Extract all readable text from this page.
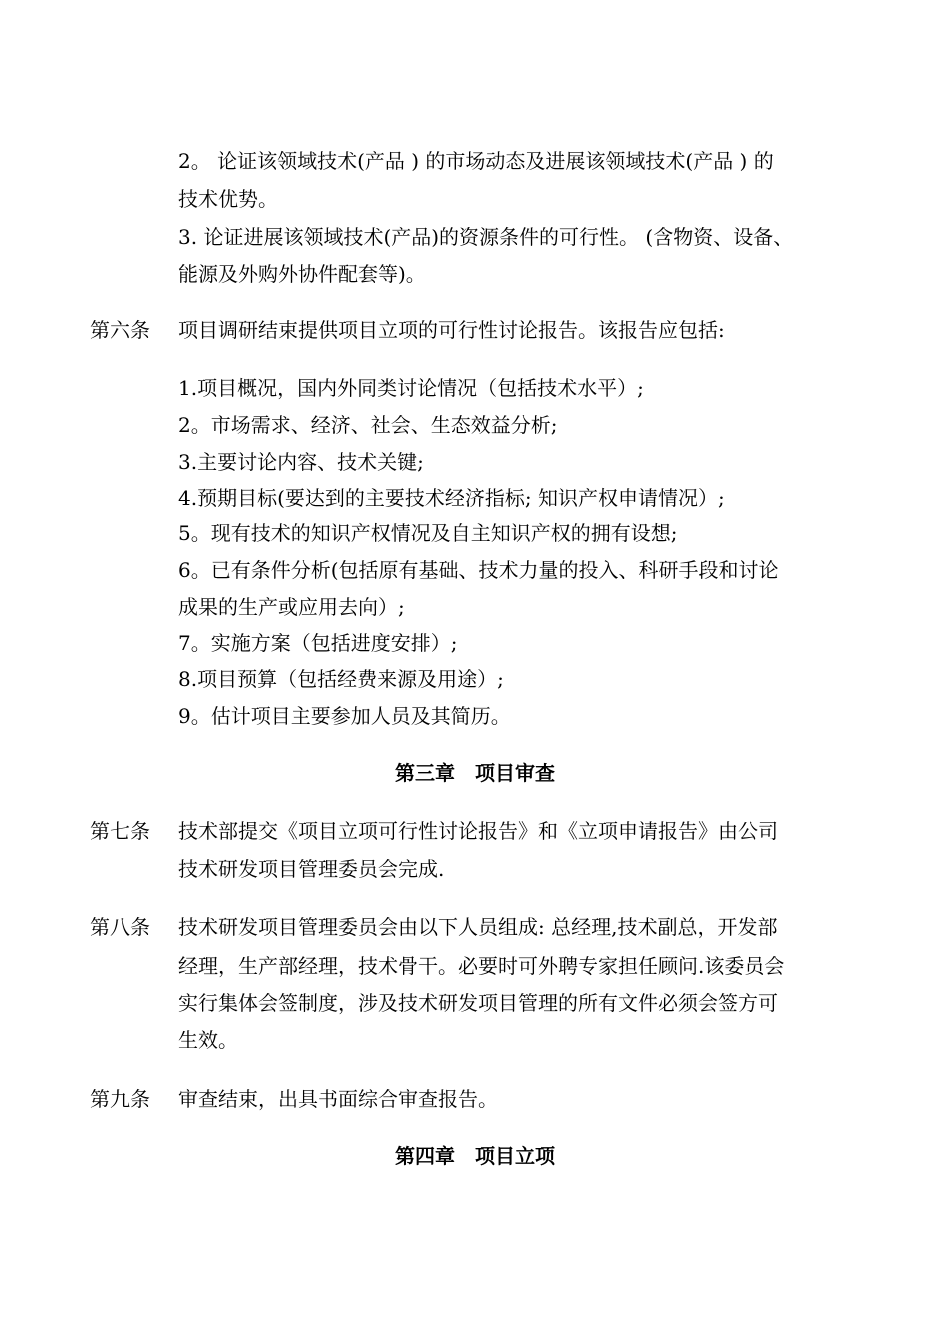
2。 论证该领域技术(产品 ) 的市场动态及进展该领域技术(产品 ) 的
技术优势。
3. 论证进展该领域技术(产品)的资源条件的可行性。 (含物资、设备、
能源及外购外协件配套等)。
第六条 项目调研结束提供项目立项的可行性讨论报告。该报告应包括:
1.项目概况，国内外同类讨论情况（包括技术水平）;
2。市场需求、经济、社会、生态效益分析;
3.主要讨论内容、技术关键;
4.预期目标(要达到的主要技术经济指标; 知识产权申请情况）;
5。现有技术的知识产权情况及自主知识产权的拥有设想;
6。已有条件分析(包括原有基础、技术力量的投入、科研手段和讨论
成果的生产或应用去向）;
7。实施方案（包括进度安排）;
8.项目预算（包括经费来源及用途）;
9。估计项目主要参加人员及其简历。
第三章　项目审查
第七条 技术部提交《项目立项可行性讨论报告》和《立项申请报告》由公司
技术研发项目管理委员会完成.
第八条 技术研发项目管理委员会由以下人员组成: 总经理,技术副总，开发部
经理，生产部经理，技术骨干。必要时可外聘专家担任顾问.该委员会
实行集体会签制度，涉及技术研发项目管理的所有文件必须会签方可
生效。
第九条 审查结束，出具书面综合审查报告。
第四章　项目立项
